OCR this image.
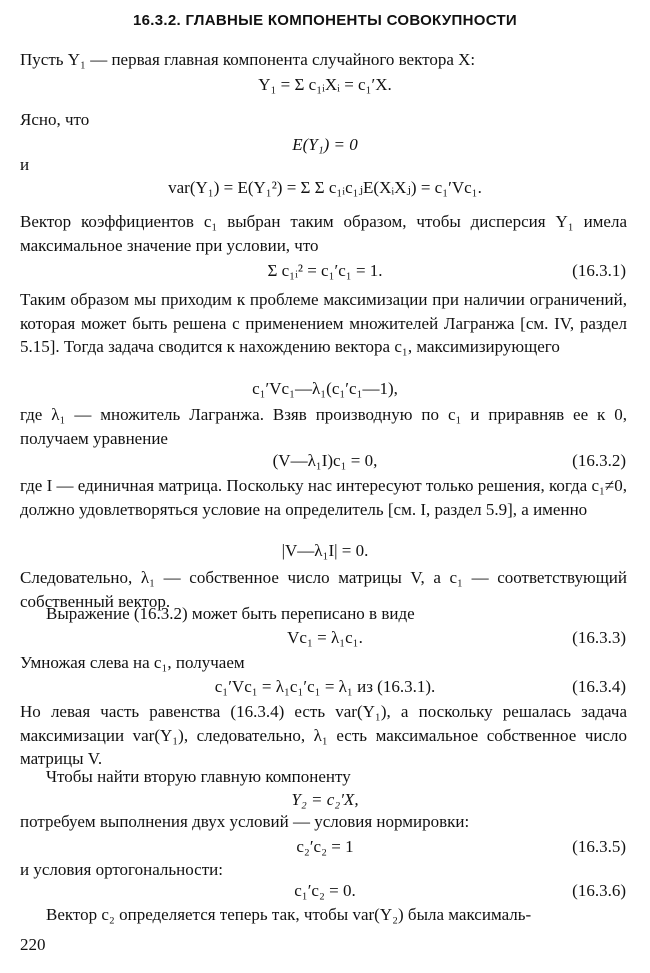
16.3.2. ГЛАВНЫЕ КОМПОНЕНТЫ СОВОКУПНОСТИ
Пусть Y₁ — первая главная компонента случайного вектора X:
Y₁ = Σ c₁ᵢXᵢ = c₁′X.
Ясно, что
E(Y₁) = 0
и
var(Y₁) = E(Y₁²) = Σ Σ c₁ᵢc₁ⱼE(XᵢXⱼ) = c₁′Vc₁.
Вектор коэффициентов c₁ выбран таким образом, чтобы дисперсия Y₁ имела максимальное значение при условии, что
Σ c₁ᵢ² = c₁′c₁ = 1.	(16.3.1)
Таким образом мы приходим к проблеме максимизации при наличии ограничений, которая может быть решена с применением множителей Лагранжа [см. IV, раздел 5.15]. Тогда задача сводится к нахождению вектора c₁, максимизирующего
c₁′Vc₁—λ₁(c₁′c₁—1),
где λ₁ — множитель Лагранжа. Взяв производную по c₁ и приравняв ее к 0, получаем уравнение
(V—λ₁I)c₁ = 0,	(16.3.2)
где I — единичная матрица. Поскольку нас интересуют только решения, когда c₁≠0, должно удовлетворяться условие на определитель [см. I, раздел 5.9], а именно
|V—λ₁I| = 0.
Следовательно, λ₁ — собственное число матрицы V, а c₁ — соответствующий собственный вектор.
Выражение (16.3.2) может быть переписано в виде
Vc₁ = λ₁c₁.	(16.3.3)
Умножая слева на c₁, получаем
c₁′Vc₁ = λ₁c₁′c₁ = λ₁ из (16.3.1).	(16.3.4)
Но левая часть равенства (16.3.4) есть var(Y₁), а поскольку решалась задача максимизации var(Y₁), следовательно, λ₁ есть максимальное собственное число матрицы V.
Чтобы найти вторую главную компоненту
Y₂ = c₂′X,
потребуем выполнения двух условий — условия нормировки:
c₂′c₂ = 1	(16.3.5)
и условия ортогональности:
c₁′c₂ = 0.	(16.3.6)
Вектор c₂ определяется теперь так, чтобы var(Y₂) была максималь-
220
